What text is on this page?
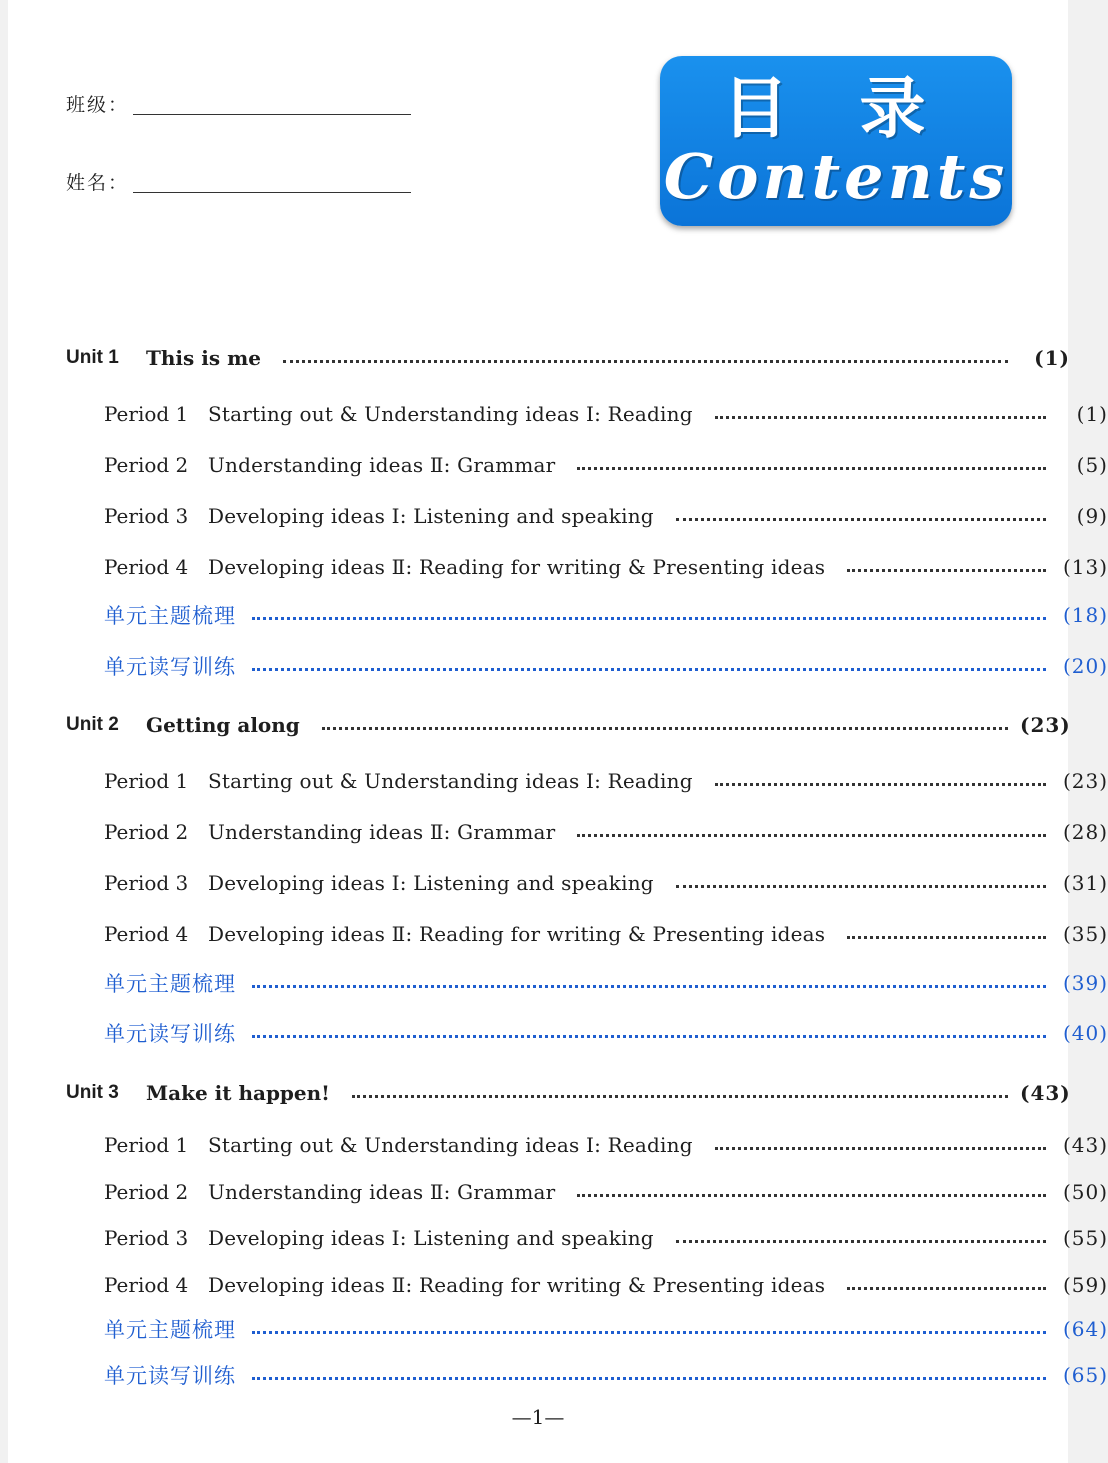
班级：
姓名：
目 录
Contents
Unit 1	This is me	(1)
Period 1 Starting out & Understanding ideas Ⅰ: Reading	(1)
Period 2 Understanding ideas Ⅱ: Grammar	(5)
Period 3 Developing ideas Ⅰ: Listening and speaking	(9)
Period 4 Developing ideas Ⅱ: Reading for writing & Presenting ideas	(13)
单元主题梳理	(18)
单元读写训练	(20)
Unit 2	Getting along	(23)
Period 1 Starting out & Understanding ideas Ⅰ: Reading	(23)
Period 2 Understanding ideas Ⅱ: Grammar	(28)
Period 3 Developing ideas Ⅰ: Listening and speaking	(31)
Period 4 Developing ideas Ⅱ: Reading for writing & Presenting ideas	(35)
单元主题梳理	(39)
单元读写训练	(40)
Unit 3	Make it happen!	(43)
Period 1 Starting out & Understanding ideas Ⅰ: Reading	(43)
Period 2 Understanding ideas Ⅱ: Grammar	(50)
Period 3 Developing ideas Ⅰ: Listening and speaking	(55)
Period 4 Developing ideas Ⅱ: Reading for writing & Presenting ideas	(59)
单元主题梳理	(64)
单元读写训练	(65)
—1—
